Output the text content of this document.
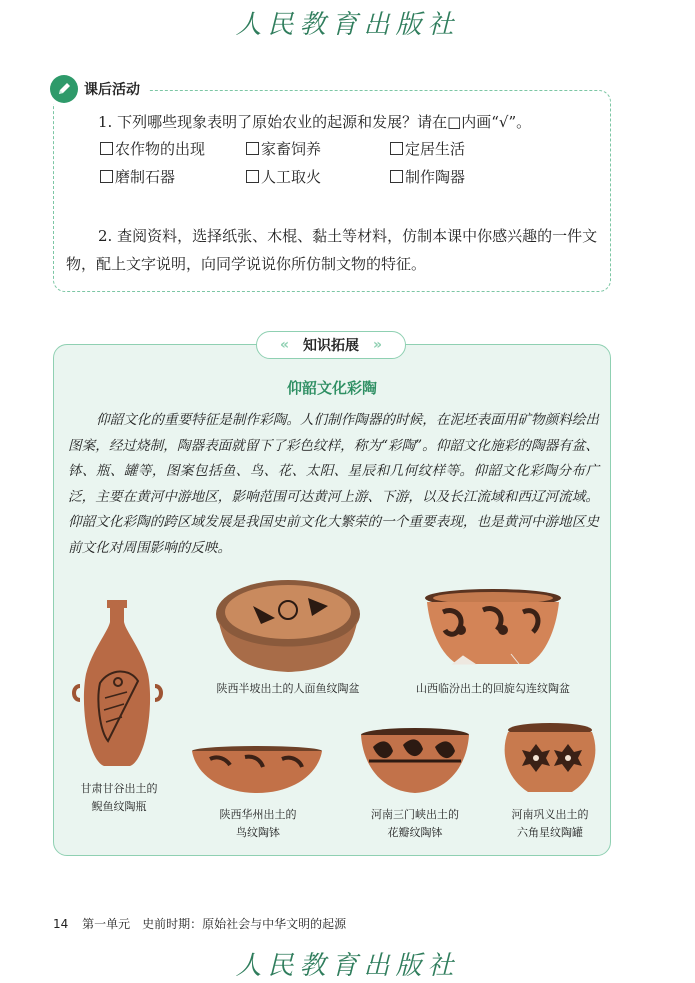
人民教育出版社
课后活动
1. 下列哪些现象表明了原始农业的起源和发展？请在□内画“√”。
农作物的出现	家畜饲养	定居生活
磨制石器	人工取火	制作陶器
2. 查阅资料，选择纸张、木棍、黏土等材料，仿制本课中你感兴趣的一件文物，配上文字说明，向同学说说你所仿制文物的特征。
« 知识拓展 »
仰韶文化彩陶
仰韶文化的重要特征是制作彩陶。人们制作陶器的时候，在泥坯表面用矿物颜料绘出图案，经过烧制，陶器表面就留下了彩色纹样，称为“彩陶”。仰韶文化施彩的陶器有盆、钵、瓶、罐等，图案包括鱼、鸟、花、太阳、星辰和几何纹样等。仰韶文化彩陶分布广泛，主要在黄河中游地区，影响范围可达黄河上游、下游，以及长江流域和西辽河流域。仰韶文化彩陶的跨区域发展是我国史前文化大繁荣的一个重要表现，也是黄河中游地区史前文化对周围影响的反映。
甘肃甘谷出土的
鲵鱼纹陶瓶
陕西半坡出土的人面鱼纹陶盆	山西临汾出土的回旋勾连纹陶盆
陕西华州出土的
鸟纹陶钵
河南三门峡出土的
花瓣纹陶钵
河南巩义出土的
六角星纹陶罐
14 第一单元　史前时期：原始社会与中华文明的起源
人民教育出版社
